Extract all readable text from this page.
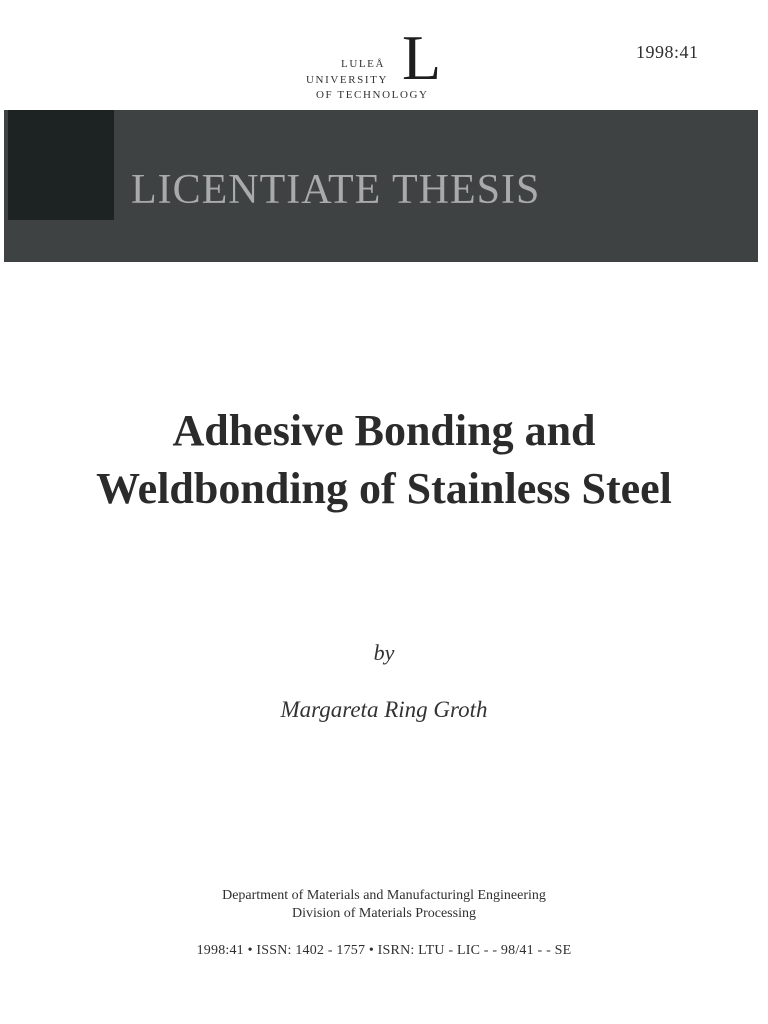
1998:41
LULEÅ
UNIVERSITY
OF TECHNOLOGY
L
LICENTIATE THESIS
Adhesive Bonding and
Weldbonding of Stainless Steel
by
Margareta Ring Groth
Department of Materials and Manufacturingl Engineering
Division of Materials Processing
1998:41 • ISSN: 1402 - 1757 • ISRN: LTU - LIC - - 98/41 - - SE
